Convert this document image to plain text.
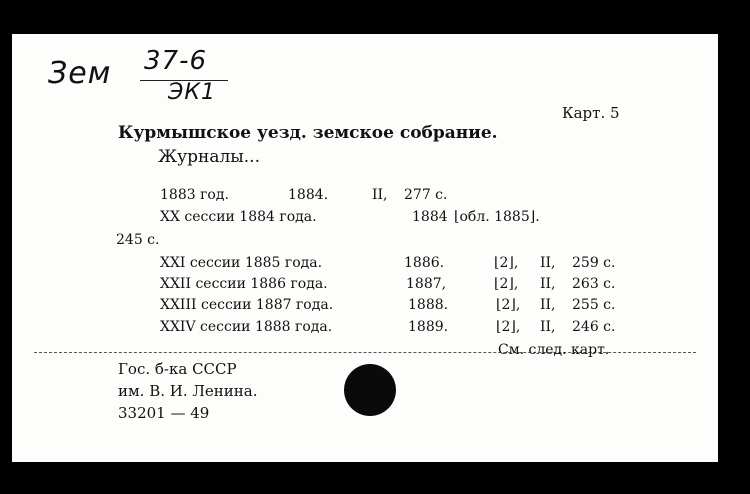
Зем 37-6
ЭК1
Карт. 5
Курмышское уезд. земское собрание.
Журналы...
1883 год.	1884.	II, 277 с.
XX сессии 1884 года.	1884 ⌊обл. 1885⌋.
245 с.
XXI сессии 1885 года.	1886.	⌊2⌋, II, 259 с.
XXII сессии 1886 года.	1887,	⌊2⌋, II, 263 с.
XXIII сессии 1887 года.	1888.	⌊2⌋, II, 255 с.
XXIV сессии 1888 года.	1889.	⌊2⌋, II, 246 с.
См. след. карт.
Гос. б-ка СССР
им. В. И. Ленина.
33201 — 49
